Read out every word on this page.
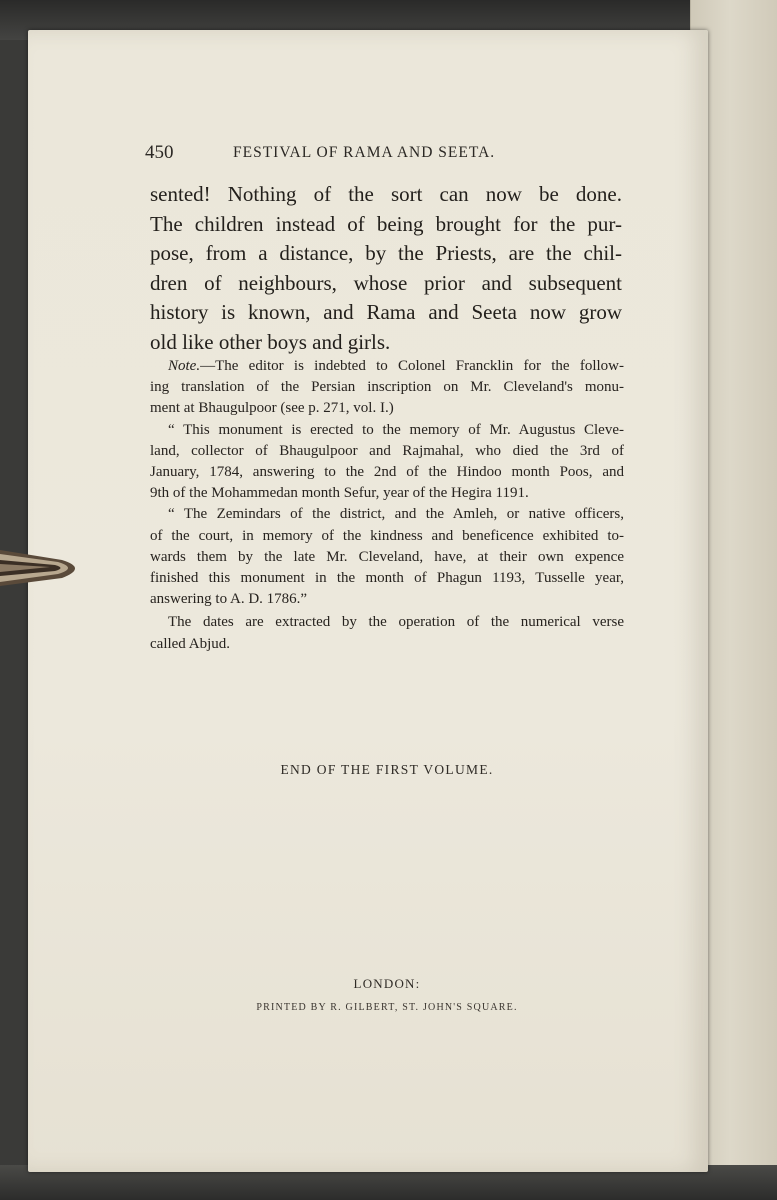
450	FESTIVAL OF RAMA AND SEETA.
sented! Nothing of the sort can now be done.
The children instead of being brought for the pur-
pose, from a distance, by the Priests, are the chil-
dren of neighbours, whose prior and subsequent
history is known, and Rama and Seeta now grow
old like other boys and girls.
Note.—The editor is indebted to Colonel Francklin for the follow-
ing translation of the Persian inscription on Mr. Cleveland's monu-
ment at Bhaugulpoor (see p. 271, vol. I.)
“ This monument is erected to the memory of Mr. Augustus Cleve-
land, collector of Bhaugulpoor and Rajmahal, who died the 3rd of
January, 1784, answering to the 2nd of the Hindoo month Poos, and
9th of the Mohammedan month Sefur, year of the Hegira 1191.
“ The Zemindars of the district, and the Amleh, or native officers,
of the court, in memory of the kindness and beneficence exhibited to-
wards them by the late Mr. Cleveland, have, at their own expence
finished this monument in the month of Phagun 1193, Tusselle year,
answering to A. D. 1786.”
The dates are extracted by the operation of the numerical verse
called Abjud.
END OF THE FIRST VOLUME.
LONDON:
PRINTED BY R. GILBERT, ST. JOHN'S SQUARE.
